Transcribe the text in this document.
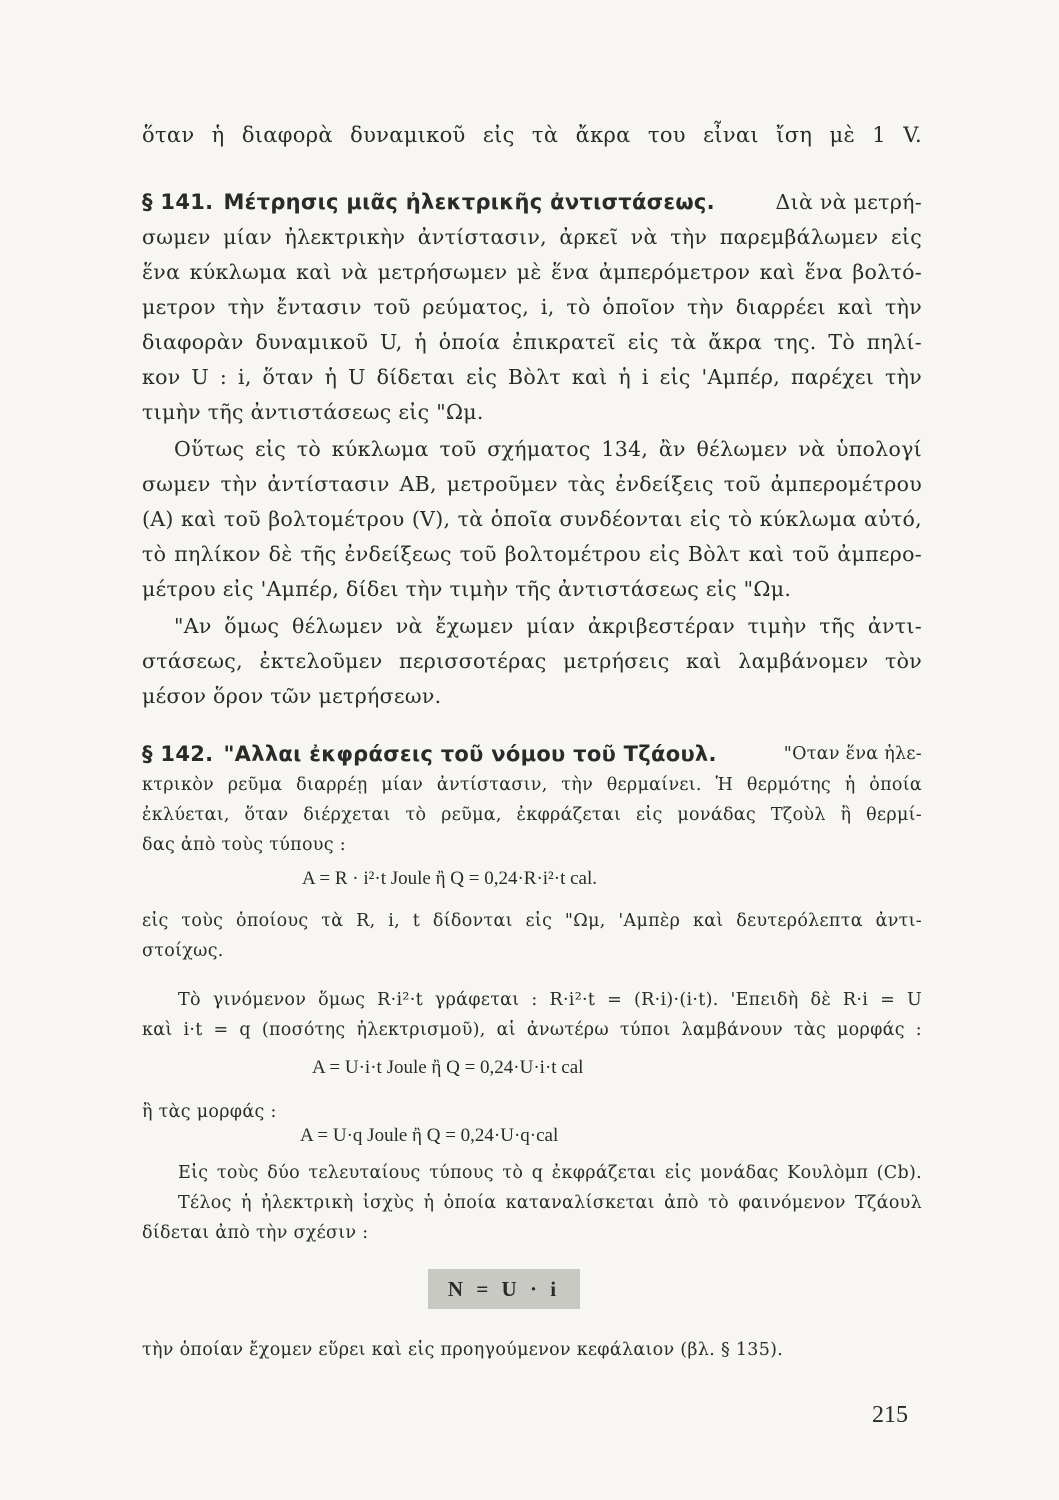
ὅταν ἡ διαφορὰ δυναμικοῦ εἰς τὰ ἄκρα του εἶναι ἴση μὲ 1 V.
§ 141. Μέτρησις μιᾶς ἠλεκτρικῆς ἀντιστάσεως.	Διὰ νὰ μετρή-
σωμεν μίαν ἠλεκτρικὴν ἀντίστασιν, ἀρκεῖ νὰ τὴν παρεμβάλωμεν εἰς
ἕνα κύκλωμα καὶ νὰ μετρήσωμεν μὲ ἕνα ἀμπερόμετρον καὶ ἕνα βολτό-
μετρον τὴν ἔντασιν τοῦ ρεύματος, i, τὸ ὁποῖον τὴν διαρρέει καὶ τὴν
διαφορὰν δυναμικοῦ U, ἡ ὁποία ἐπικρατεῖ εἰς τὰ ἄκρα της. Τὸ πηλί-
κον U : i, ὅταν ἡ U δίδεται εἰς Βὸλτ καὶ ἡ i εἰς 'Αμπέρ, παρέχει τὴν
τιμὴν τῆς ἀντιστάσεως εἰς "Ωμ.
Οὕτως εἰς τὸ κύκλωμα τοῦ σχήματος 134, ἂν θέλωμεν νὰ ὑπολογί
σωμεν τὴν ἀντίστασιν ΑΒ, μετροῦμεν τὰς ἐνδείξεις τοῦ ἀμπερομέτρου
(Α) καὶ τοῦ βολτομέτρου (V), τὰ ὁποῖα συνδέονται εἰς τὸ κύκλωμα αὐτό,
τὸ πηλίκον δὲ τῆς ἐνδείξεως τοῦ βολτομέτρου εἰς Βὸλτ καὶ τοῦ ἀμπερο-
μέτρου εἰς 'Αμπέρ, δίδει τὴν τιμὴν τῆς ἀντιστάσεως εἰς "Ωμ.
"Αν ὅμως θέλωμεν νὰ ἔχωμεν μίαν ἀκριβεστέραν τιμὴν τῆς ἀντι-
στάσεως, ἐκτελοῦμεν περισσοτέρας μετρήσεις καὶ λαμβάνομεν τὸν
μέσον ὅρον τῶν μετρήσεων.
§ 142. "Αλλαι ἐκφράσεις τοῦ νόμου τοῦ Τζάουλ.	"Οταν ἕνα ἠλε-
κτρικὸν ρεῦμα διαρρέῃ μίαν ἀντίστασιν, τὴν θερμαίνει. Ἡ θερμότης ἡ ὁποία
ἐκλύεται, ὅταν διέρχεται τὸ ρεῦμα, ἐκφράζεται εἰς μονάδας Τζοὺλ ἢ θερμί-
δας ἀπὸ τοὺς τύπους :
A = R · i²·t Joule ἢ Q = 0,24·R·i²·t cal.
εἰς τοὺς ὁποίους τὰ R, i, t δίδονται εἰς "Ωμ, 'Αμπὲρ καὶ δευτερόλεπτα ἀντι-
στοίχως.
Τὸ γινόμενον ὅμως R·i²·t γράφεται : R·i²·t = (R·i)·(i·t). 'Επειδὴ δὲ R·i = U
καὶ i·t = q (ποσότης ἠλεκτρισμοῦ), αἱ ἀνωτέρω τύποι λαμβάνουν τὰς μορφάς :
A = U·i·t Joule ἢ Q = 0,24·U·i·t cal
ἢ τὰς μορφάς :
A = U·q Joule ἢ Q = 0,24·U·q·cal
Εἰς τοὺς δύο τελευταίους τύπους τὸ q ἐκφράζεται εἰς μονάδας Κουλὸμπ (Cb).
Τέλος ἡ ἠλεκτρικὴ ἰσχὺς ἡ ὁποία καταναλίσκεται ἀπὸ τὸ φαινόμενον Τζάουλ
δίδεται ἀπὸ τὴν σχέσιν :
N = U · i
τὴν ὁποίαν ἔχομεν εὕρει καὶ εἰς προηγούμενον κεφάλαιον (βλ. § 135).
215
